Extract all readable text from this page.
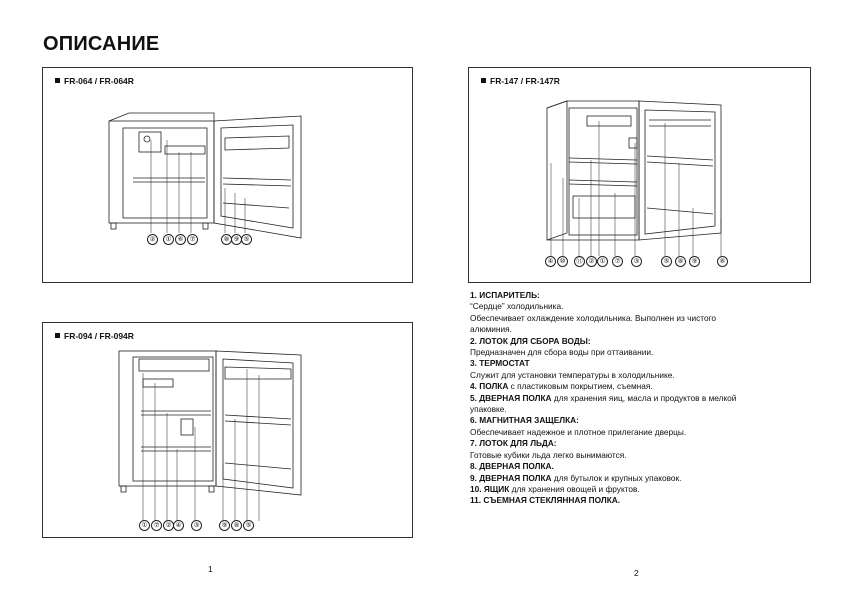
ОПИСАНИЕ
FR-064 / FR-064R
②	① ⑥ ⑦	⑧ ⑨ ⑤
FR-147 / FR-147R
④ ⑩	⑪ ② ①	⑦	③	⑤	⑧	⑨	⑥
FR-094 / FR-094R
① ⑦ ② ④	③	⑨ ⑧ ⑤

1. ИСПАРИТЕЛЬ:

“Сердце” холодильника.

Обеспечивает охлаждение холодильника. Выполнен из чистого

алюминия.

2. ЛОТОК ДЛЯ СБОРА ВОДЫ:

Предназначен для сбора воды при оттаивании.

3. ТЕРМОСТАТ

Служит для установки температуры в холодильнике.

4. ПОЛКА с пластиковым покрытием, съемная.

5. ДВЕРНАЯ ПОЛКА для хранения яиц, масла и продуктов в мелкой

упаковке.

6. МАГНИТНАЯ ЗАЩЕЛКА:

Обеспечивает надежное и плотное прилегание дверцы.

7. ЛОТОК ДЛЯ ЛЬДА:

Готовые кубики льда легко вынимаются.

8. ДВЕРНАЯ ПОЛКА.

9. ДВЕРНАЯ ПОЛКА для бутылок и крупных упаковок.

10. ЯЩИК для хранения овощей и фруктов.

11. СЪЕМНАЯ СТЕКЛЯННАЯ ПОЛКА.

1	2
